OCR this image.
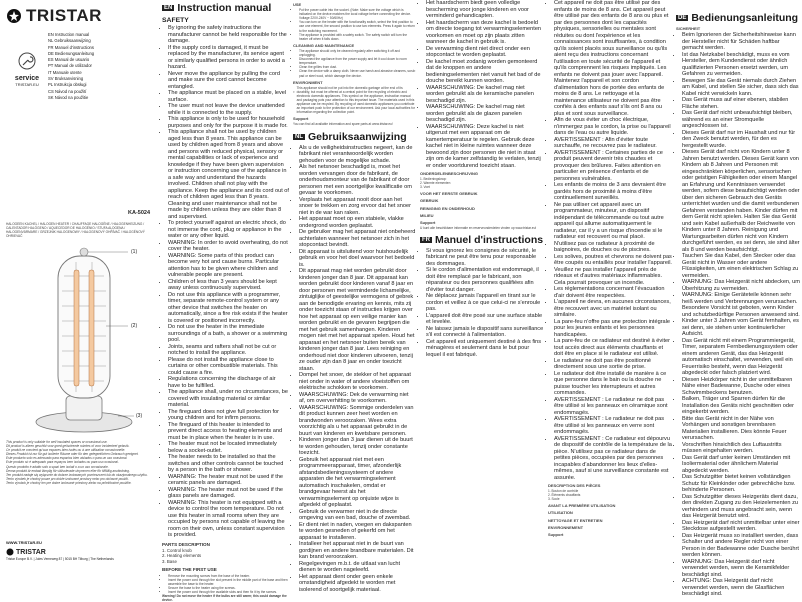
TRISTAR
service
TRISTAR.EU
EN Instruction manual
NL Gebruiksaanwijzing
FR Manuel d'instructions
DE Bedienungsanleitung
ES Manual de usuario
PT Manual de utilizador
IT Manuale utente
SV Bruksanvisning
PL Instrukcja obsługi
CS Návod na použití
SK Návod na použitie
KA-5024
HALOGEEN KACHEL / HALOGEN HEATER / CHAUFFAGE HALOGÈNE / HALOGENHEIZUNG / CALENTADOR HALÓGENO / AQUECEDOR DE HALOGÉNIO / STUFA ALOGENA / HALOGENVÄRMARE / GRZEJNIK HALOGENOWY / HALOGENOVÝ OHŘÍVAČ / HALOGÉNOVÝ OHRIEVAČ
(1)
(2)
(3)
This product is only suitable for well insulated spaces or occasional use.
Dit product is alleen geschikt voor goed geïsoleerde ruimtes of voor incidenteel gebruik.
Ce produit ne convient qu'aux espaces bien isolés ou à une utilisation occasionnelle.
Dieses Produkt ist nur für gut isolierte Räume oder für den gelegentlichen Gebrauch geeignet.
Este producto solo es adecuado para espacios bien aislados o para un uso ocasional.
Este produto só é adequado para espaços bem isolados ou para uso ocasional.
Questo prodotto è adatto solo a spazi ben isolati o a un uso occasionale.
Denna produkt är endast lämplig för välisolerade utrymmen eller för tillfällig användning.
Ten produkt nadaje się wyłącznie do dobrze izolowanych pomieszczeń lub do okazjonalnego użytku.
Tento výrobek je vhodný pouze pro dobře izolované prostory nebo pro občasné použití.
Tento výrobok je vhodný len pre dobre izolované priestory alebo na príležitostné použitie.
WWW.TRISTAR.EU
TRISTAR
Tristar Europe B.V. | Jules Verneweg 87 | 5015 BH Tilburg | The Netherlands
EN Instruction manual
SAFETY
• By ignoring the safety instructions the manufacturer cannot be held responsible for the damage.
• If the supply cord is damaged, it must be replaced by the manufacturer, its service agent or similarly qualified persons in order to avoid a hazard.
• Never move the appliance by pulling the cord and make sure the cord cannot become entangled.
• The appliance must be placed on a stable, level surface.
• The user must not leave the device unattended while it is connected to the supply.
• This appliance is only to be used for household purposes and only for the purpose it is made for.
• This appliance shall not be used by children aged less than 8 years. This appliance can be used by children aged from 8 years and above and persons with reduced physical, sensory or mental capabilities or lack of experience and knowledge if they have been given supervision or instruction concerning use of the appliance in a safe way and understand the hazards involved. Children shall not play with the appliance. Keep the appliance and its cord out of reach of children aged less than 8 years. Cleaning and user maintenance shall not be made by children unless they are older than 8 and supervised.
• To protect yourself against an electric shock, do not immerse the cord, plug or appliance in the water or any other liquid.
• WARNING: In order to avoid overheating, do not cover the heater.
• WARNING: Some parts of this product can become very hot and cause burns. Particular attention has to be given where children and vulnerable people are present.
• Children of less than 3 years should be kept away unless continuously supervised.
• Do not use this appliance with a programmer, timer, separate remote-control system or any other device that switches the heater on automatically, since a fire risk exists if the heater is covered or positioned incorrectly.
• Do not use the heater in the immediate surroundings of a bath, a shower or a swimming pool.
• Joints, seams and rafters shall not be cut or notched to install the appliance.
• Please do not install the appliance close to curtains or other combustible materials. This could cause a fire.
• Regulations concerning the discharge of air have to be fulfilled.
• The appliance shall, under no circumstances, be covered with insulating material or similar material.
• The fireguard does not give full protection for young children and for infirm persons.
• The fireguard of this heater is intended to prevent direct access to heating elements and must be in place when the heater is in use.
• The heater must not be located immediately below a socket-outlet.
• The heater needs to be installed so that the switches and other controls cannot be touched by a person in the bath or shower.
• WARNING: The heater must not be used if the ceramic panels are damaged.
• WARNING: The heater must not be used if the glass panels are damaged.
• WARNING: This heater is not equipped with a device to control the room temperature. Do not use this heater in small rooms when they are occupied by persons not capable of leaving the room on their own, unless constant supervision is provided.
PARTS DESCRIPTION
1. Control knob
2. Heating elements
3. Base
BEFORE THE FIRST USE
• Remove the mounting screws from the base of the heater.
• Insert the power cord through the slot present in the middle part of the base and then assemble the base to the heater.
• Secure the base to the heater using the screws.
• Insert the power cord through the available slots and then fix it by the screws.
Warning! Do not move the heater if the bulbs are still warm; this could damage the device.
USE
• Put the power cable into the socket. (Note: Make sure the voltage which is indicated on the device matches the local voltage before connecting the device. Voltage 220V-240V ~ 50/60Hz)
• You can turn on the heater with the functionality switch, select the first position to use one element, the second position to use two elements. Press it again to return to the switching movement.
• The appliance is provided with a safety switch. The safety switch will turn the heater off when it falls down.
CLEANING AND MAINTENANCE
• The appliance should only be cleaned regularly after switching it off and unplugging.
• Disconnect the appliance from the power supply and let it cool down to room temperature.
• Clean the grilles from dust.
• Clean the device with a damp cloth. Never use harsh and abrasive cleaners, scrub pad or steel wool, which damage the device.
ENVIRONMENT
This appliance should not be put into the domestic garbage at the end of its durability, but must be offered at a central point for the recycling of electric and electronic domestic appliances. This symbol on the appliance, instruction manual and packaging puts your attention to this important issue. The materials used in this appliance can be recycled. By recycling of used domestic appliances you contribute an important push to the protection of our environment. Ask your local authorities for information regarding the collection point.
Support
You can find all available information and spare parts at www.tristar.eu!
NL Gebruiksaanwijzing
• Als u de veiligheidsinstructies negeert, kan de fabrikant niet verantwoordelijk worden gehouden voor de mogelijke schade.
• Als het netsnoer beschadigd is, moet het worden vervangen door de fabrikant, de onderhoudsmonteur van de fabrikant of door personen met een soortgelijke kwalificatie om gevaar te voorkomen.
• Verplaats het apparaat nooit door aan het snoer te trekken en zorg ervoor dat het snoer niet in de war kan raken.
• Het apparaat moet op een stabiele, vlakke ondergrond worden geplaatst.
• De gebruiker mag het apparaat niet onbeheerd achterlaten wanneer het netsnoer zich in het stopcontact bevindt.
• Dit apparaat is uitsluitend voor huishoudelijk gebruik en voor het doel waarvoor het bedoeld is.
• Dit apparaat mag niet worden gebruikt door kinderen jonger dan 8 jaar. Dit apparaat kan worden gebruikt door kinderen vanaf 8 jaar en door personen met verminderde lichamelijke, zintuiglijke of geestelijke vermogens of gebrek aan de benodigde ervaring en kennis, mits zij onder toezicht staan of instructies krijgen over hoe het apparaat op een veilige manier kan worden gebruikt en de gevaren begrijpen die met het gebruik samenhangen. Kinderen mogen niet met het apparaat spelen. Houd het apparaat en het netsnoer buiten bereik van kinderen jonger dan 8 jaar. Lees reiniging en onderhoud niet door kinderen uitvoeren, tenzij ze ouder zijn dan 8 jaar en onder toezicht staan.
• Dompel het snoer, de stekker of het apparaat niet onder in water of andere vloeistoffen om elektrische schokken te voorkomen.
• WAARSCHUWING: Dek de verwarming niet af, om oververhitting te voorkomen.
• WAARSCHUWING: Sommige onderdelen van dit product kunnen zeer heet worden en brandwonden veroorzaken. Wees extra voorzichtig als u het apparaat gebruikt in de buurt van kinderen en kwetsbare personen.
• Kinderen jonger dan 3 jaar dienen uit de buurt te worden gehouden, tenzij onder constante toezicht.
• Gebruik het apparaat niet met een programmeerapparaat, timer, afzonderlijk afstandsbedieningssysteem of andere apparaten die het verwarmingselement automatisch inschakelen, omdat er brandgevaar heerst als het verwarmingselement op onjuiste wijze is afgedekt of geplaatst.
• Gebruik de verwarmer niet in de directe omgeving van een bad, douche of zwembad.
• Er dient niet in naden, voegen en dakspanten te worden gesneden of gekerfd om het apparaat te installeren.
• Installeer het apparaat niet in de buurt van gordijnen en andere brandbare materialen. Dit kan brand veroorzaken.
• Regelgevingen m.b.t. de uitlaat van lucht dienen te worden nageleefd.
• Het apparaat dient onder geen enkele omstandigheid afgedekt te worden met isolerend of soortgelijk materiaal.
• Het haardscherm biedt geen volledige bescherming voor jonge kinderen en voor verminderd gehandicapten.
• Het haardscherm van deze kachel is bedoeld om directe toegang tot verwarmingselementen voorkomen en moet op zijn plaats zitten wanneer de kachel in gebruik is.
• De verwarming dient niet direct onder een stopcontact te worden geplaatst.
• De kachel moet zodanig worden gemonteerd dat de knoppen en andere bedieningselementen niet vanuit het bad of de douche bereikt kunnen worden.
• WAARSCHUWING: De kachel mag niet worden gebruikt als de keramische panelen beschadigd zijn.
• WAARSCHUWING: De kachel mag niet worden gebruikt als de glazen panelen beschadigd zijn.
• WAARSCHUWING: Deze kachel is niet uitgerust met een apparaat om de kamertemperatuur te regelen. Gebruik deze kachel niet in kleine ruimtes wanneer deze bewoond zijn door personen die niet in staat zijn om de kamer zelfstandig te verlaten, tenzij er onder voortdurend toezicht staan.
ONDERDELENBESCHRIJVING
1. Bedieningsknop
2. Warmte elementen
3. Voet
VOOR HET EERSTE GEBRUIK
GEBRUIK
REINIGING EN ONDERHOUD
MILIEU
Support
U kunt alle beschikbare informatie en reserveonderdelen vinden op www.tristar.eu!
FR Manuel d'instructions
• Si vous ignorez les consignes de sécurité, le fabricant ne peut être tenu pour responsable des dommages.
• Si le cordon d'alimentation est endommagé, il doit être remplacé par le fabricant, son réparateur ou des personnes qualifiées afin d'éviter tout danger.
• Ne déplacez jamais l'appareil en tirant sur le cordon et veillez à ce que celui-ci ne s'enroule pas.
• L'appareil doit être posé sur une surface stable et levelée.
• Ne laissez jamais le dispositif sans surveillance s'il est connecté à l'alimentation.
• Cet appareil est uniquement destiné à des fins ménagères et seulement dans le but pour lequel il est fabriqué.
• Cet appareil ne doit pas être utilisé par des enfants de moins de 8 ans. Cet appareil peut être utilisé par des enfants de 8 ans ou plus et par des personnes dont les capacités physiques, sensorielles ou mentales sont réduites ou dont l'expérience et les connaissances sont insuffisantes, à condition qu'ils soient placés sous surveillance ou qu'ils aient reçu des instructions concernant l'utilisation en toute sécurité de l'appareil et qu'ils comprennent les risques impliqués. Les enfants ne doivent pas jouer avec l'appareil. Maintenez l'appareil et son cordon d'alimentation hors de portée des enfants de moins de 8 ans. Le nettoyage et la maintenance utilisateur ne doivent pas être confiés à des enfants sauf s'ils ont 8 ans ou plus et sont sous surveillance.
• Afin de vous éviter un choc électrique, n'immergez pas le cordon, la prise ou l'appareil dans de l'eau ou autre liquide.
• AVERTISSEMENT : Afin d'éviter toute surchauffe, ne recouvrez pas le radiateur.
• AVERTISSEMENT : Certaines parties de ce produit peuvent devenir très chaudes et provoquer des brûlures. Faites attention en particulier en présence d'enfants et de personnes vulnérables.
• Les enfants de moins de 3 ans devraient être gardés hors de proximité à moins d'être continuellement surveillés.
• Ne pas utiliser cet appareil avec un programmateur, minuteur, un dispositif indépendant de télécommande ou tout autre appareil qui allume automatiquement le radiateur, car il y a un risque d'incendie si le radiateur est recouvert ou mal placé.
• N'utilisez pas ce radiateur à proximité de baignoires, de douches ou de piscines.
• Les solives, poutres et chevrons ne doivent pas être coupés ou entaillés pour installer l'appareil.
• Veuillez ne pas installer l'appareil près de rideaux et d'autres matériaux inflammables. Cela pourrait provoquer un incendie.
• Les réglementations concernant l'évacuation d'air doivent être respectées.
• L'appareil ne devra, en aucunes circonstances, être recouvert avec un matériel isolant ou similaire.
• La pare-feu n'offre pas une protection intégrale pour les jeunes enfants et les personnes handicapées.
• La pare-feu de ce radiateur est destiné à éviter tout accès direct aux éléments chauffants et doit être en place si le radiateur est utilisé.
• Le radiateur ne doit pas être positionné directement sous une sortie de prise.
• Le radiateur doit être installé de manière à ce que personne dans le bain ou la douche ne puisse toucher les interrupteurs et autres commandes.
• AVERTISSEMENT : Le radiateur ne doit pas être utilisé si les panneaux en céramique sont endommagés.
• AVERTISSEMENT : Le radiateur ne doit pas être utilisé si les panneaux en verre sont endommagés.
• AVERTISSEMENT : Ce radiateur est dépourvu de dispositif de contrôle de la température de la pièce. N'utilisez pas ce radiateur dans de petites pièces, occupées par des personnes incapables d'abandonner les lieux d'elles-mêmes, sauf si une surveillance constante est assurée.
DESCRIPTION DES PIÈCES
1. Bouton de contrôle
2. Éléments chauffants
3. Socle
AVANT LA PREMIÈRE UTILISATION
UTILISATION
NETTOYAGE ET ENTRETIEN
ENVIRONNEMENT
Support
DE Bedienungsanleitung
SICHERHEIT
• Beim Ignorieren der Sicherheitshinweise kann der Hersteller nicht für Schäden haftbar gemacht werden.
• Ist das Netzkabel beschädigt, muss es vom Hersteller, dem Kundendienst oder ähnlich qualifizierten Personen ersetzt werden, um Gefahren zu vermeiden.
• Bewegen Sie das Gerät niemals durch Ziehen am Kabel, und stellen Sie sicher, dass sich das Kabel nicht verwickeln kann.
• Das Gerät muss auf einer ebenen, stabilen Fläche stehen.
• Das Gerät darf nicht unbeaufsichtigt bleiben, während es an einer Stromquelle angeschlossen ist.
• Dieses Gerät darf nur im Haushalt und nur für den Zweck benutzt werden, für den es hergestellt wurde.
• Dieses Gerät darf nicht von Kindern unter 8 Jahren benutzt werden. Dieses Gerät kann von Kindern ab 8 Jahren und Personen mit eingeschränkten körperlichen, sensorischen oder geistigen Fähigkeiten oder einem Mangel an Erfahrung und Kenntnissen verwendet werden, sofern diese beaufsichtigt werden oder über den sicheren Gebrauch des Geräts unterrichtet wurden und die damit verbundenen Gefahren verstanden haben. Kinder dürfen mit dem Gerät nicht spielen. Halten Sie das Gerät und sein Kabel außerhalb der Reichweite von Kindern unter 8 Jahren. Reinigung und Wartungsarbeiten dürfen nicht von Kindern durchgeführt werden, es sei denn, sie sind älter als 8 und werden beaufsichtigt.
• Tauchen Sie das Kabel, den Stecker oder das Gerät nicht in Wasser oder andere Flüssigkeiten, um einen elektrischen Schlag zu vermeiden.
• WARNUNG: Das Heizgerät nicht abdecken, um Überhitzung zu vermeiden.
• WARNUNG: Einige Geräteteile können sehr heiß werden und Verbrennungen verursachen. Besondere Vorsicht ist geboten, wenn Kinder und schutzbedürftige Personen anwesend sind.
• Kinder unter 3 Jahren vom Gerät fernhalten, es sei denn, sie stehen unter kontinuierlicher Aufsicht.
• Das Gerät nicht mit einem Programmiergerät, Timer, separatem Fernbedienungssystem oder einem anderen Gerät, das das Heizgerät automatisch einschaltet, verwenden, weil ein Feuerrisiko besteht, wenn das Heizgerät abgedeckt oder falsch platziert wird.
• Diesen Heizkörper nicht in der unmittelbaren Nähe einer Badewanne, Dusche oder eines Schwimmbeckens benutzen.
• Balken, Träger und Sparren dürfen für die Installation des Geräts nicht geschnitten oder eingekerbt werden.
• Bitte das Gerät nicht in der Nähe von Vorhängen und sonstigen brennbaren Materialien installieren. Dies könnte Feuer verursachen.
• Vorschriften hinsichtlich des Luftaustritts müssen eingehalten werden.
• Das Gerät darf unter keinen Umständen mit Isoliermaterial oder ähnlichem Material abgedeckt werden.
• Das Schutzgitter bietet keinen vollständigen Schutz für Kleinkinder oder gebrechliche bzw. behinderte Personen.
• Das Schutzgitter dieses Heizgeräts dient dazu, den direkten Zugang zu den Heizelementen zu verhindern und muss angebracht sein, wenn das Heizgerät benutzt wird.
• Das Heizgerät darf nicht unmittelbar unter einer Steckdose aufgestellt werden.
• Das Heizgerät muss so installiert werden, dass Schalter und andere Regler nicht von einer Person in der Badewanne oder Dusche berührt werden können.
• WARNUNG: Das Heizgerät darf nicht verwendet werden, wenn die Keramikfelder beschädigt sind.
• ACHTUNG: Das Heizgerät darf nicht verwendet werden, wenn die Glasflächen beschädigt sind.
